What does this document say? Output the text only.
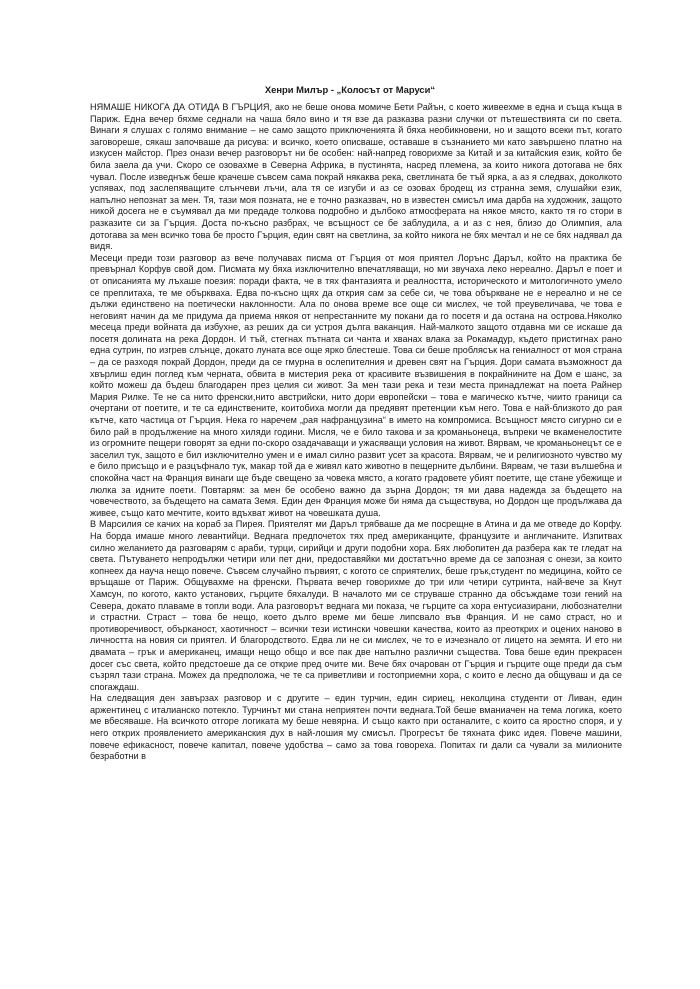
Хенри Милър - „Колосът от Маруси“

НЯМАШЕ НИКОГА ДА ОТИДА В ГЪРЦИЯ, ако не беше онова момиче Бети Райън, с което живеехме в една и съща къща в Париж. Една вечер бяхме седнали на чаша бяло вино и тя взе да разказва разни случки от пътешествията си по света. Винаги я слушах с голямо внимание – не само защото приключенията й бяха необикновени, но и защото всеки път, когато заговореше, сякаш започваше да рисува: и всичко, което описваше, оставаше в съзнанието ми като завършено платно на изкусен майстор. През онази вечер разговорът ни бе особен: най-напред говорихме за Китай и за китайския език, който бе била заела да учи. Скоро се озовахме в Северна Африка, в пустинята, насред племена, за които никога дотогава не бях чувал. После изведнъж беше крачеше съвсем сама покрай някаква река, светлината бе тъй ярка, а аз я следвах, доколкото успявах, под заслепяващите слънчеви лъчи, ала тя се изгуби и аз се озовах бродещ из странна земя, слушайки език, напълно непознат за мен. Тя, тази моя позната, не е точно разказвач, но в известен смисъл има дарба на художник, защото никой досега не е съумявал да ми предаде толкова подробно и дълбоко атмосферата на някое място, както тя го стори в разказите си за Гърция. Доста по-късно разбрах, че всъщност се бе заблудила, а и аз с нея, близо до Олимпия, ала дотогава за мен всичко това бе просто Гърция, един свят на светлина, за който никога не бях мечтал и не се бях надявал да видя.

Месеци преди този разговор аз вече получавах писма от Гърция от моя приятел Лорънс Даръл, който на практика бе превърнал Корфув свой дом. Писмата му бяха изключително впечатляващи, но ми звучаха леко нереално. Даръл е поет и от описанията му лъхаше поезия: поради факта, че в тях фантазията и реалността, историческото и митологичното умело се преплитаха, те ме объркваха. Едва по-късно щях да открия сам за себе си, че това объркване не е нереално и не се дължи единствено на поетически наклонности. Ала по онова време все още си мислех, че той преувеличава, че това е неговият начин да ме придума да приема някоя от непрестанните му покани да го посетя и да остана на острова.Няколко месеца преди войната да избухне, аз реших да си устроя дълга ваканция. Най-малкото защото отдавна ми се искаше да посетя долината на река Дордон. И тъй, стегнах пътната си чанта и хванах влака за Рокамадур, където пристигнах рано една сутрин, по изгрев слънце, докато луната все още ярко блестеше. Това си беше проблясък на гениалност от моя страна – да се разходя покрай Дордон, преди да се гмурна в ослепителния и древен свят на Гърция. Дори самата възможност да хвърлиш един поглед към черната, обвита в мистерия река от красивите възвишения в покрайнините на Дом е шанс, за който можеш да бъдеш благодарен през целия си живот. За мен тази река и тези места принадлежат на поета Райнер Мария Рилке. Те не са нито френски,нито австрийски, нито дори европейски – това е магическо кътче, чиито граници са очертани от поетите, и те са единствените, коитобиха могли да предявят претенции към него. Това е най-близкото до рая кътче, като частица от Гърция. Нека го наречем „рая нафранцузина“ в името на компромиса. Всъщност място сигурно си е било рай в продължение на много хиляди години. Мисля, че е било такова и за кроманьонеца, въпреки че вкаменелостите из огромните пещери говорят за едни по-скоро озадачаващи и ужасяващи условия на живот. Вярвам, че кроманьонецът се е заселил тук, защото е бил изключително умен и е имал силно развит усет за красота. Вярвам, че и религиозното чувство му е било присъщо и е разцъфнало тук, макар той да е живял като животно в пещерните дълбини. Вярвам, че тази вълшебна и спокойна част на Франция винаги ще бъде свещено за човека място, а когато градовете убият поетите, ще стане убежище и люлка за идните поети. Повтарям: за мен бе особено важно да зърна Дордон; тя ми дава надежда за бъдещето на човечеството, за бъдещето на самата Земя. Един ден Франция може би няма да съществува, но Дордон ще продължава да живее, също като мечтите, които вдъхват живот на човешката душа.

В Марсилия се качих на кораб за Пирея. Приятелят ми Даръл трябваше да ме посрещне в Атина и да ме отведе до Корфу. На борда имаше много левантийци. Веднага предпочетох тях пред американците, французите и англичаните. Изпитвах силно желанието да разговарям с араби, турци, сирийци и други подобни хора. Бях любопитен да разбера как те гледат на света. Пътуването непродължи четири или пет дни, предоставяйки ми достатъчно време да се запозная с онези, за които копнеех да науча нещо повече. Съвсем случайно първият, с когото се сприятелих, беше грък,студент по медицина, който се връщаше от Париж. Общувахме на френски. Първата вечер говорихме до три или четири сутринта, най-вече за Кнут Хамсун, по когото, както установих, гърците бяхалуди. В началото ми се струваше странно да обсъждаме този гений на Севера, докато плаваме в топли води. Ала разговорът веднага ми показа, че гърците са хора ентусиазирани, любознателни и страстни. Страст – това бе нещо, което дълго време ми беше липсвало във Франция. И не само страст, но и противоречивост, обърканост, хаотичност – всички тези истински човешки качества, които аз преоткрих и оцених наново в личността на новия си приятел. И благородството. Едва ли не си мислех, че то е изчезнало от лицето на земята. И ето ни двамата – грък и американец, имащи нещо общо и все пак две напълно различни същества. Това беше един прекрасен досег със света, който предстоеше да се открие пред очите ми. Вече бях очарован от Гърция и гърците още преди да съм съзрял тази страна. Можех да предположа, че те са приветливи и гостоприемни хора, с които е лесно да общуваш и да се спогаждаш.

На следващия ден завързах разговор и с другите – един турчин, един сириец, неколцина студенти от Ливан, един аржентинец с италианско потекло. Турчинът ми стана неприятен почти веднага.Той беше вманиачен на тема логика, което ме вбесяваше. На всичкото отгоре логиката му беше невярна. И също както при останалите, с които са яростно споря, и у него открих проявлението американския дух в най-лошия му смисъл. Прогресът бе тяхната фикс идея. Повече машини, повече ефикасност, повече капитал, повече удобства – само за това говореха. Попитах ги дали са чували за милионите безработни в
